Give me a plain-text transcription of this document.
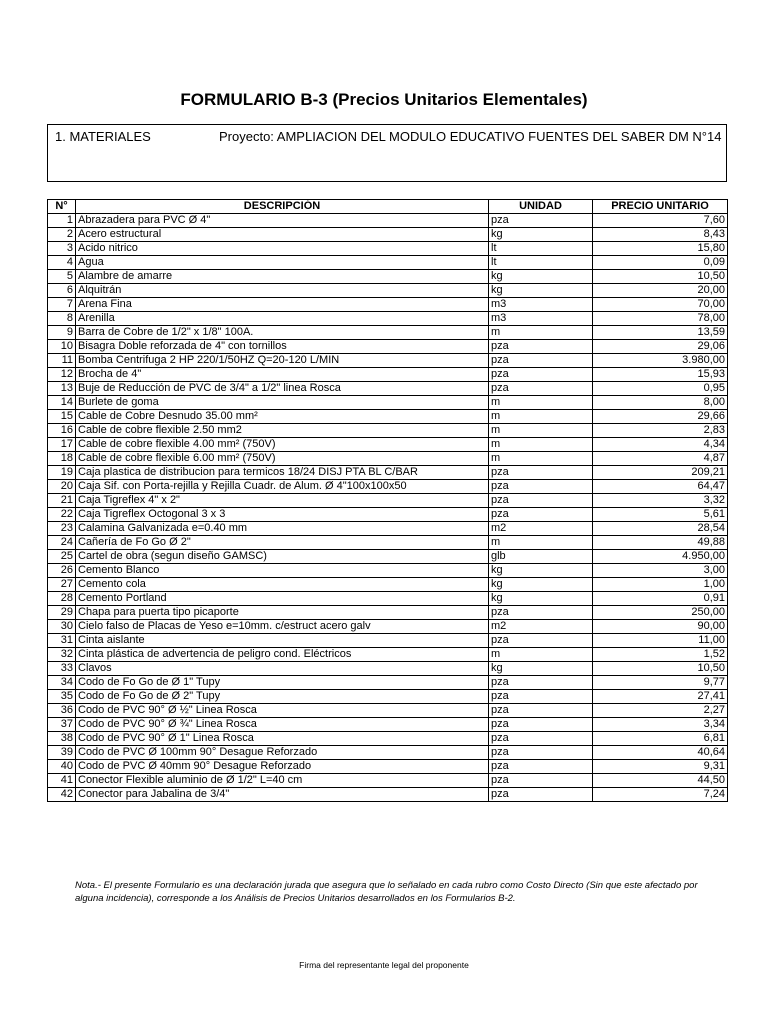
FORMULARIO B-3 (Precios Unitarios Elementales)
1. MATERIALES	Proyecto: AMPLIACION DEL MODULO EDUCATIVO FUENTES DEL SABER DM N°14
N°	DESCRIPCIÓN	UNIDAD	PRECIO UNITARIO
1	Abrazadera para PVC Ø 4"	pza	7,60
2	Acero estructural	kg	8,43
3	Acido nitrico	lt	15,80
4	Agua	lt	0,09
5	Alambre de amarre	kg	10,50
6	Alquitrán	kg	20,00
7	Arena Fina	m3	70,00
8	Arenilla	m3	78,00
9	Barra de Cobre de 1/2" x 1/8" 100A.	m	13,59
10	Bisagra Doble reforzada de 4" con tornillos	pza	29,06
11	Bomba Centrifuga 2 HP 220/1/50HZ Q=20-120 L/MIN	pza	3.980,00
12	Brocha de 4"	pza	15,93
13	Buje de Reducción de PVC de 3/4" a 1/2" linea Rosca	pza	0,95
14	Burlete de goma	m	8,00
15	Cable de Cobre Desnudo 35.00 mm²	m	29,66
16	Cable de cobre flexible 2.50 mm2	m	2,83
17	Cable de cobre flexible 4.00 mm² (750V)	m	4,34
18	Cable de cobre flexible 6.00 mm² (750V)	m	4,87
19	Caja plastica de distribucion para termicos 18/24 DISJ PTA BL C/BAR	pza	209,21
20	Caja Sif. con Porta-rejilla y Rejilla Cuadr. de Alum. Ø 4"100x100x50	pza	64,47
21	Caja Tigreflex 4" x 2"	pza	3,32
22	Caja Tigreflex Octogonal 3 x 3	pza	5,61
23	Calamina Galvanizada e=0.40 mm	m2	28,54
24	Cañería de Fo Go Ø 2"	m	49,88
25	Cartel de obra (segun diseño GAMSC)	glb	4.950,00
26	Cemento Blanco	kg	3,00
27	Cemento cola	kg	1,00
28	Cemento Portland	kg	0,91
29	Chapa para puerta tipo picaporte	pza	250,00
30	Cielo falso de Placas de Yeso e=10mm. c/estruct acero galv	m2	90,00
31	Cinta aislante	pza	11,00
32	Cinta plástica de advertencia de peligro cond. Eléctricos	m	1,52
33	Clavos	kg	10,50
34	Codo de Fo Go de Ø 1" Tupy	pza	9,77
35	Codo de Fo Go de Ø 2" Tupy	pza	27,41
36	Codo de PVC 90° Ø ½" Linea Rosca	pza	2,27
37	Codo de PVC 90° Ø ¾" Linea Rosca	pza	3,34
38	Codo de PVC 90° Ø 1" Linea Rosca	pza	6,81
39	Codo de PVC Ø 100mm 90° Desague Reforzado	pza	40,64
40	Codo de PVC Ø 40mm 90° Desague Reforzado	pza	9,31
41	Conector Flexible aluminio de Ø 1/2" L=40 cm	pza	44,50
42	Conector para Jabalina de 3/4"	pza	7,24
Nota.- El presente Formulario es una declaración jurada que asegura que lo señalado en cada rubro como Costo Directo (Sin que este afectado por alguna incidencia), corresponde a los Análisis de Precios Unitarios desarrollados en los Formularios B-2.
Firma del representante legal del proponente
